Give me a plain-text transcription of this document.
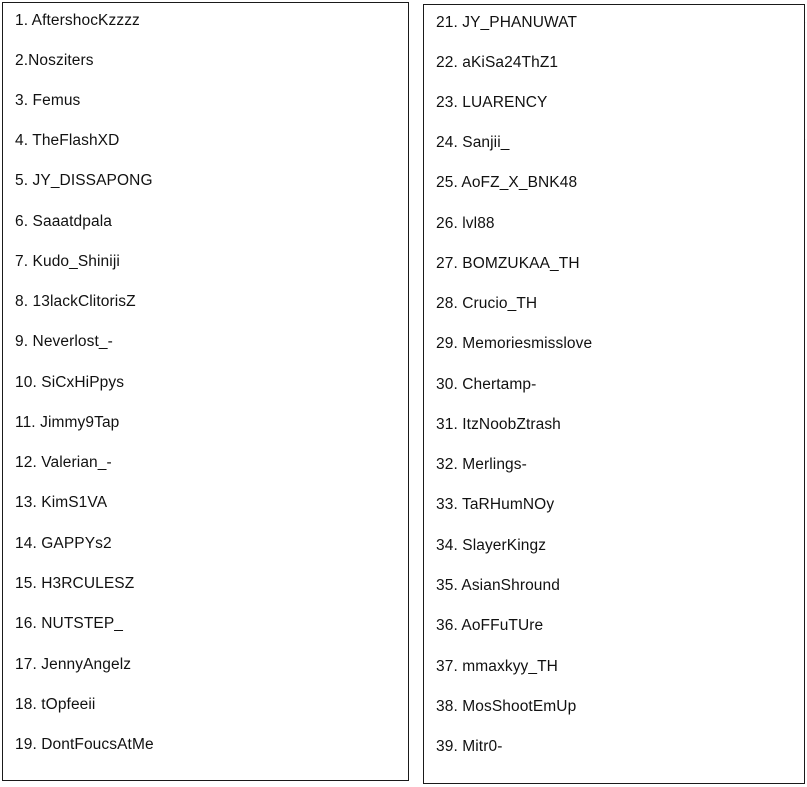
1. AftershocKzzzz
2.Nosziters
3. Femus
4. TheFlashXD
5. JY_DISSAPONG
6. Saaatdpala
7. Kudo_Shiniji
8. 13lackClitorisZ
9. Neverlost_-
10. SiCxHiPpys
11. Jimmy9Tap
12. Valerian_-
13. KimS1VA
14. GAPPYs2
15. H3RCULESZ
16. NUTSTEP_
17. JennyAngelz
18. tOpfeeii
19. DontFoucsAtMe
21. JY_PHANUWAT
22. aKiSa24ThZ1
23. LUARENCY
24. Sanjii_
25. AoFZ_X_BNK48
26. lvl88
27. BOMZUKAA_TH
28. Crucio_TH
29. Memoriesmisslove
30. Chertamp-
31. ItzNoobZtrash
32. Merlings-
33. TaRHumNOy
34. SlayerKingz
35. AsianShround
36. AoFFuTUre
37. mmaxkyy_TH
38. MosShootEmUp
39. Mitr0-
